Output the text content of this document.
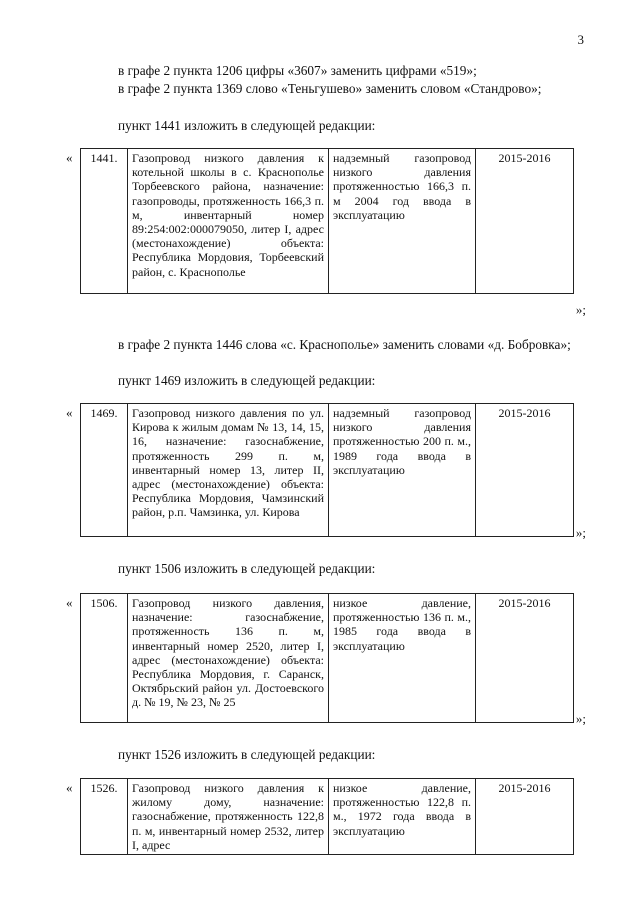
3
в графе 2 пункта 1206 цифры «3607» заменить цифрами «519»;
в графе 2 пункта 1369 слово «Теньгушево» заменить словом «Стандрово»;
пункт 1441 изложить в следующей редакции:
« 1441.	Газопровод низкого давления к котельной школы в с. Краснополье Торбеевского района, назначение: газопроводы, протяженность 166,3 п. м, инвентарный номер 89:254:002:000079050, литер I, адрес (местонахождение) объекта: Республика Мордовия, Торбеевский район, с. Краснополье	надземный газопровод низкого давления протяженностью 166,3 п. м 2004 год ввода в эксплуатацию	2015-2016
»;
в графе 2 пункта 1446 слова «с. Краснополье» заменить словами «д. Бобровка»;
пункт 1469 изложить в следующей редакции:
« 1469.	Газопровод низкого давления по ул. Кирова к жилым домам № 13, 14, 15, 16, назначение: газоснабжение, протяженность 299 п. м, инвентарный номер 13, литер II, адрес (местонахождение) объекта: Республика Мордовия, Чамзинский район, р.п. Чамзинка, ул. Кирова	надземный газопровод низкого давления протяженностью 200 п. м., 1989 года ввода в эксплуатацию	2015-2016
»;
пункт 1506 изложить в следующей редакции:
« 1506.	Газопровод низкого давления, назначение: газоснабжение, протяженность 136 п. м, инвентарный номер 2520, литер I, адрес (местонахождение) объекта: Республика Мордовия, г. Саранск, Октябрьский район ул. Достоевского д. № 19, № 23, № 25	низкое давление, протяженностью 136 п. м., 1985 года ввода в эксплуатацию	2015-2016
»;
пункт 1526 изложить в следующей редакции:
« 1526.	Газопровод низкого давления к жилому дому, назначение: газоснабжение, протяженность 122,8 п. м, инвентарный номер 2532, литер I, адрес	низкое давление, протяженностью 122,8 п. м., 1972 года ввода в эксплуатацию	2015-2016
